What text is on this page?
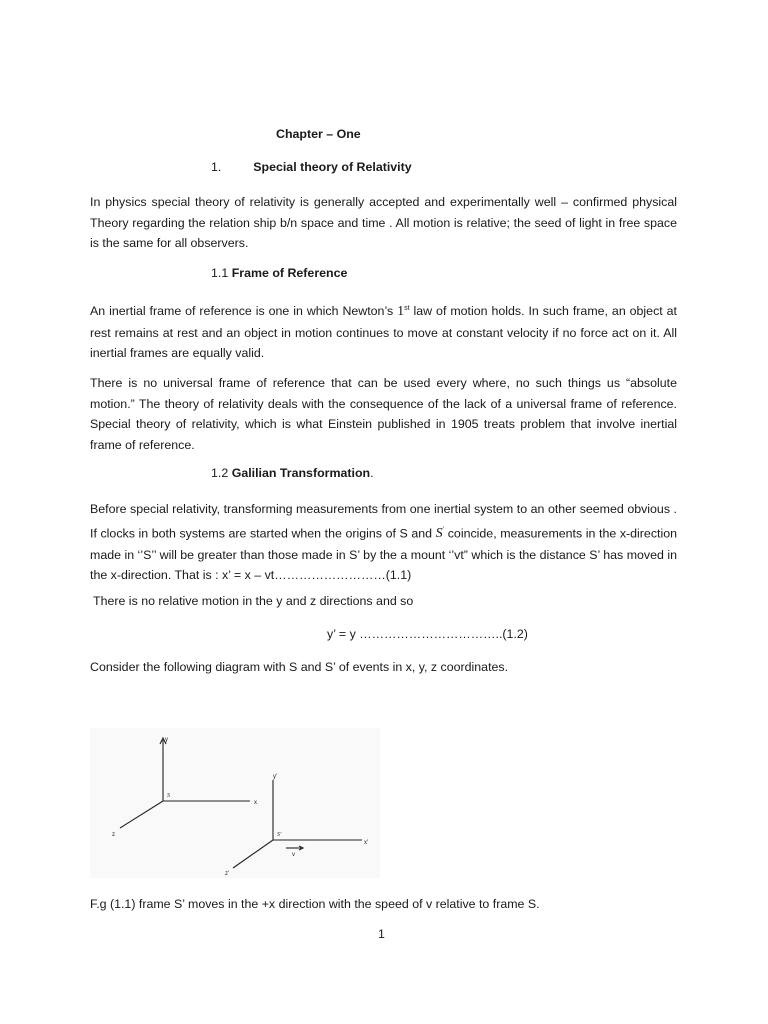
Chapter – One

1.	Special theory of Relativity

In physics special theory of relativity is generally accepted and experimentally well – confirmed physical Theory regarding the relation ship b/n space and time . All motion is relative; the seed of light in free space is the same for all observers.

1.1 Frame of Reference

An inertial frame of reference is one in which Newton’s 1st law of motion holds. In such frame, an object at rest remains at rest and an object in motion continues to move at constant velocity if no force act on it. All inertial frames are equally valid.

There is no universal frame of reference that can be used every where, no such things us “absolute motion.” The theory of relativity deals with the consequence of the lack of a universal frame of reference. Special theory of relativity, which is what Einstein published in 1905 treats problem that involve inertial frame of reference.

1.2 Galilian Transformation.

Before special relativity, transforming measurements from one inertial system to an other seemed obvious . If clocks in both systems are started when the origins of S and S' coincide, measurements in the x-direction made in ‘’S’’ will be greater than those made in S’ by the a mount ‘’vt” which is the distance S’ has moved in the x-direction. That is : x’ = x – vt………………………(1.1)

There is no relative motion in the y and z directions and so

y’ = y ……………………………..(1.2)

Consider the following diagram with S and S’ of events in x, y, z coordinates.

y
x
z
S
y'
x'
z'
S'
v

F.g (1.1) frame S’ moves in the +x direction with the speed of v relative to frame S.

1
